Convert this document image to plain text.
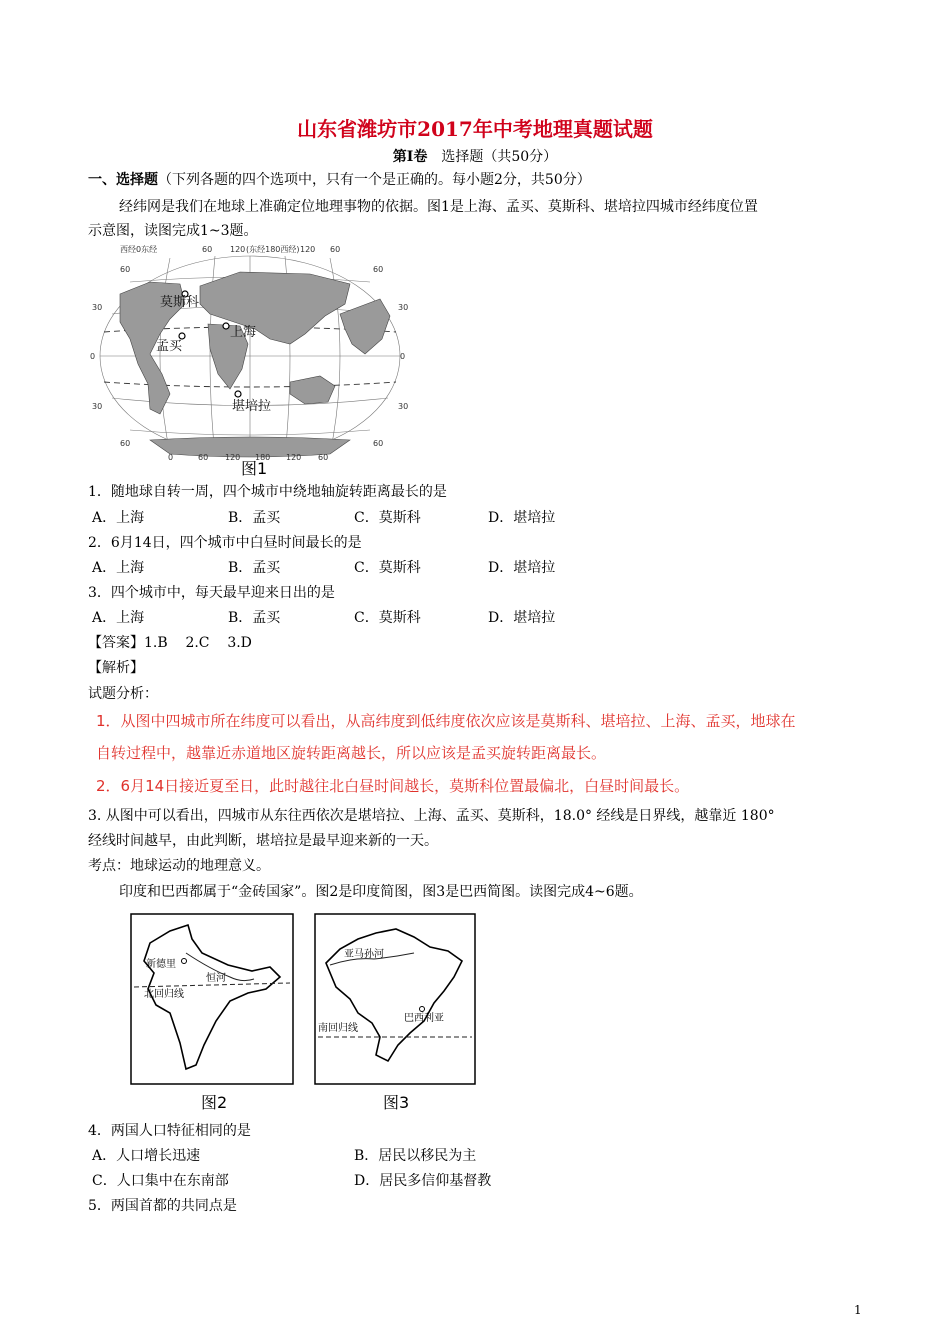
山东省潍坊市2017年中考地理真题试题
第Ⅰ卷 选择题（共50分）
一、选择题（下列各题的四个选项中，只有一个是正确的。每小题2分，共50分）
经纬网是我们在地球上准确定位地理事物的依据。图1是上海、孟买、莫斯科、堪培拉四城市经纬度位置
示意图，读图完成1~3题。
西经0东经	60 120 (东经180西经) 120 60
0	60 120 180 120 60
60
30
0
30
60
60
30
0
30
60
莫斯科
上海
孟买
堪培拉
图1
1．随地球自转一周，四个城市中绕地轴旋转距离最长的是
A．上海	B．孟买	C．莫斯科	D．堪培拉
2．6月14日，四个城市中白昼时间最长的是
A．上海	B．孟买	C．莫斯科	D．堪培拉
3．四个城市中，每天最早迎来日出的是
A．上海	B．孟买	C．莫斯科	D．堪培拉
【答案】1.B    2.C    3.D
【解析】
试题分析：
1．从图中四城市所在纬度可以看出，从高纬度到低纬度依次应该是莫斯科、堪培拉、上海、孟买，地球在
自转过程中，越靠近赤道地区旋转距离越长，所以应该是孟买旋转距离最长。
2．6月14日接近夏至日，此时越往北白昼时间越长，莫斯科位置最偏北，白昼时间最长。
3. 从图中可以看出，四城市从东往西依次是堪培拉、上海、孟买、莫斯科，18.0° 经线是日界线，越靠近 180°
经线时间越早，由此判断，堪培拉是最早迎来新的一天。
考点：地球运动的地理意义。
印度和巴西都属于“金砖国家”。图2是印度简图，图3是巴西简图。读图完成4~6题。
新德里
恒河
北回归线
图2
亚马孙河
巴西利亚
南回归线
图3
4．两国人口特征相同的是
A．人口增长迅速	B．居民以移民为主
C．人口集中在东南部	D．居民多信仰基督教
5．两国首都的共同点是
1
